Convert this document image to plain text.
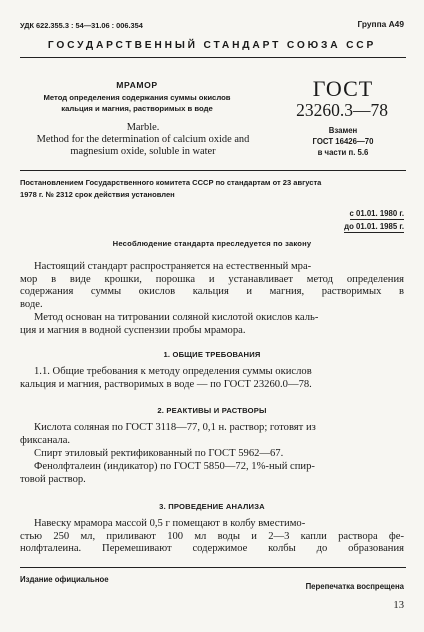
УДК 622.355.3 : 54—31.06 : 006.354	Группа А49
ГОСУДАРСТВЕННЫЙ СТАНДАРТ СОЮЗА ССР
МРАМОР
Метод определения содержания суммы окислов
кальция и магния, растворимых в воде
Marble.
Method for the determination of calcium oxide and
magnesium oxide, soluble in water
ГОСТ
23260.3—78
Взамен
ГОСТ 16426—70
в части п. 5.6
Постановлением Государственного комитета СССР по стандартам от 23 августа
1978 г. № 2312 срок действия установлен
с 01.01. 1980 г.
до 01.01. 1985 г.
Несоблюдение стандарта преследуется по закону
Настоящий стандарт распространяется на естественный мра-
мор в виде крошки, порошка и устанавливает метод определения
содержания суммы окислов кальция и магния, растворимых в
воде.
Метод основан на титровании соляной кислотой окислов каль-
ция и магния в водной суспензии пробы мрамора.
1. ОБЩИЕ ТРЕБОВАНИЯ
1.1. Общие требования к методу определения суммы окислов
кальция и магния, растворимых в воде — по ГОСТ 23260.0—78.
2. РЕАКТИВЫ И РАСТВОРЫ
Кислота соляная по ГОСТ 3118—77, 0,1 н. раствор; готовят из
фиксанала.
Спирт этиловый ректификованный по ГОСТ 5962—67.
Фенолфталеин (индикатор) по ГОСТ 5850—72, 1%-ный спир-
товой раствор.
3. ПРОВЕДЕНИЕ АНАЛИЗА
Навеску мрамора массой 0,5 г помещают в колбу вместимо-
стью 250 мл, приливают 100 мл воды и 2—3 капли раствора фе-
нолфталеина. Перемешивают содержимое колбы до образования
Издание официальное
Перепечатка воспрещена
13
